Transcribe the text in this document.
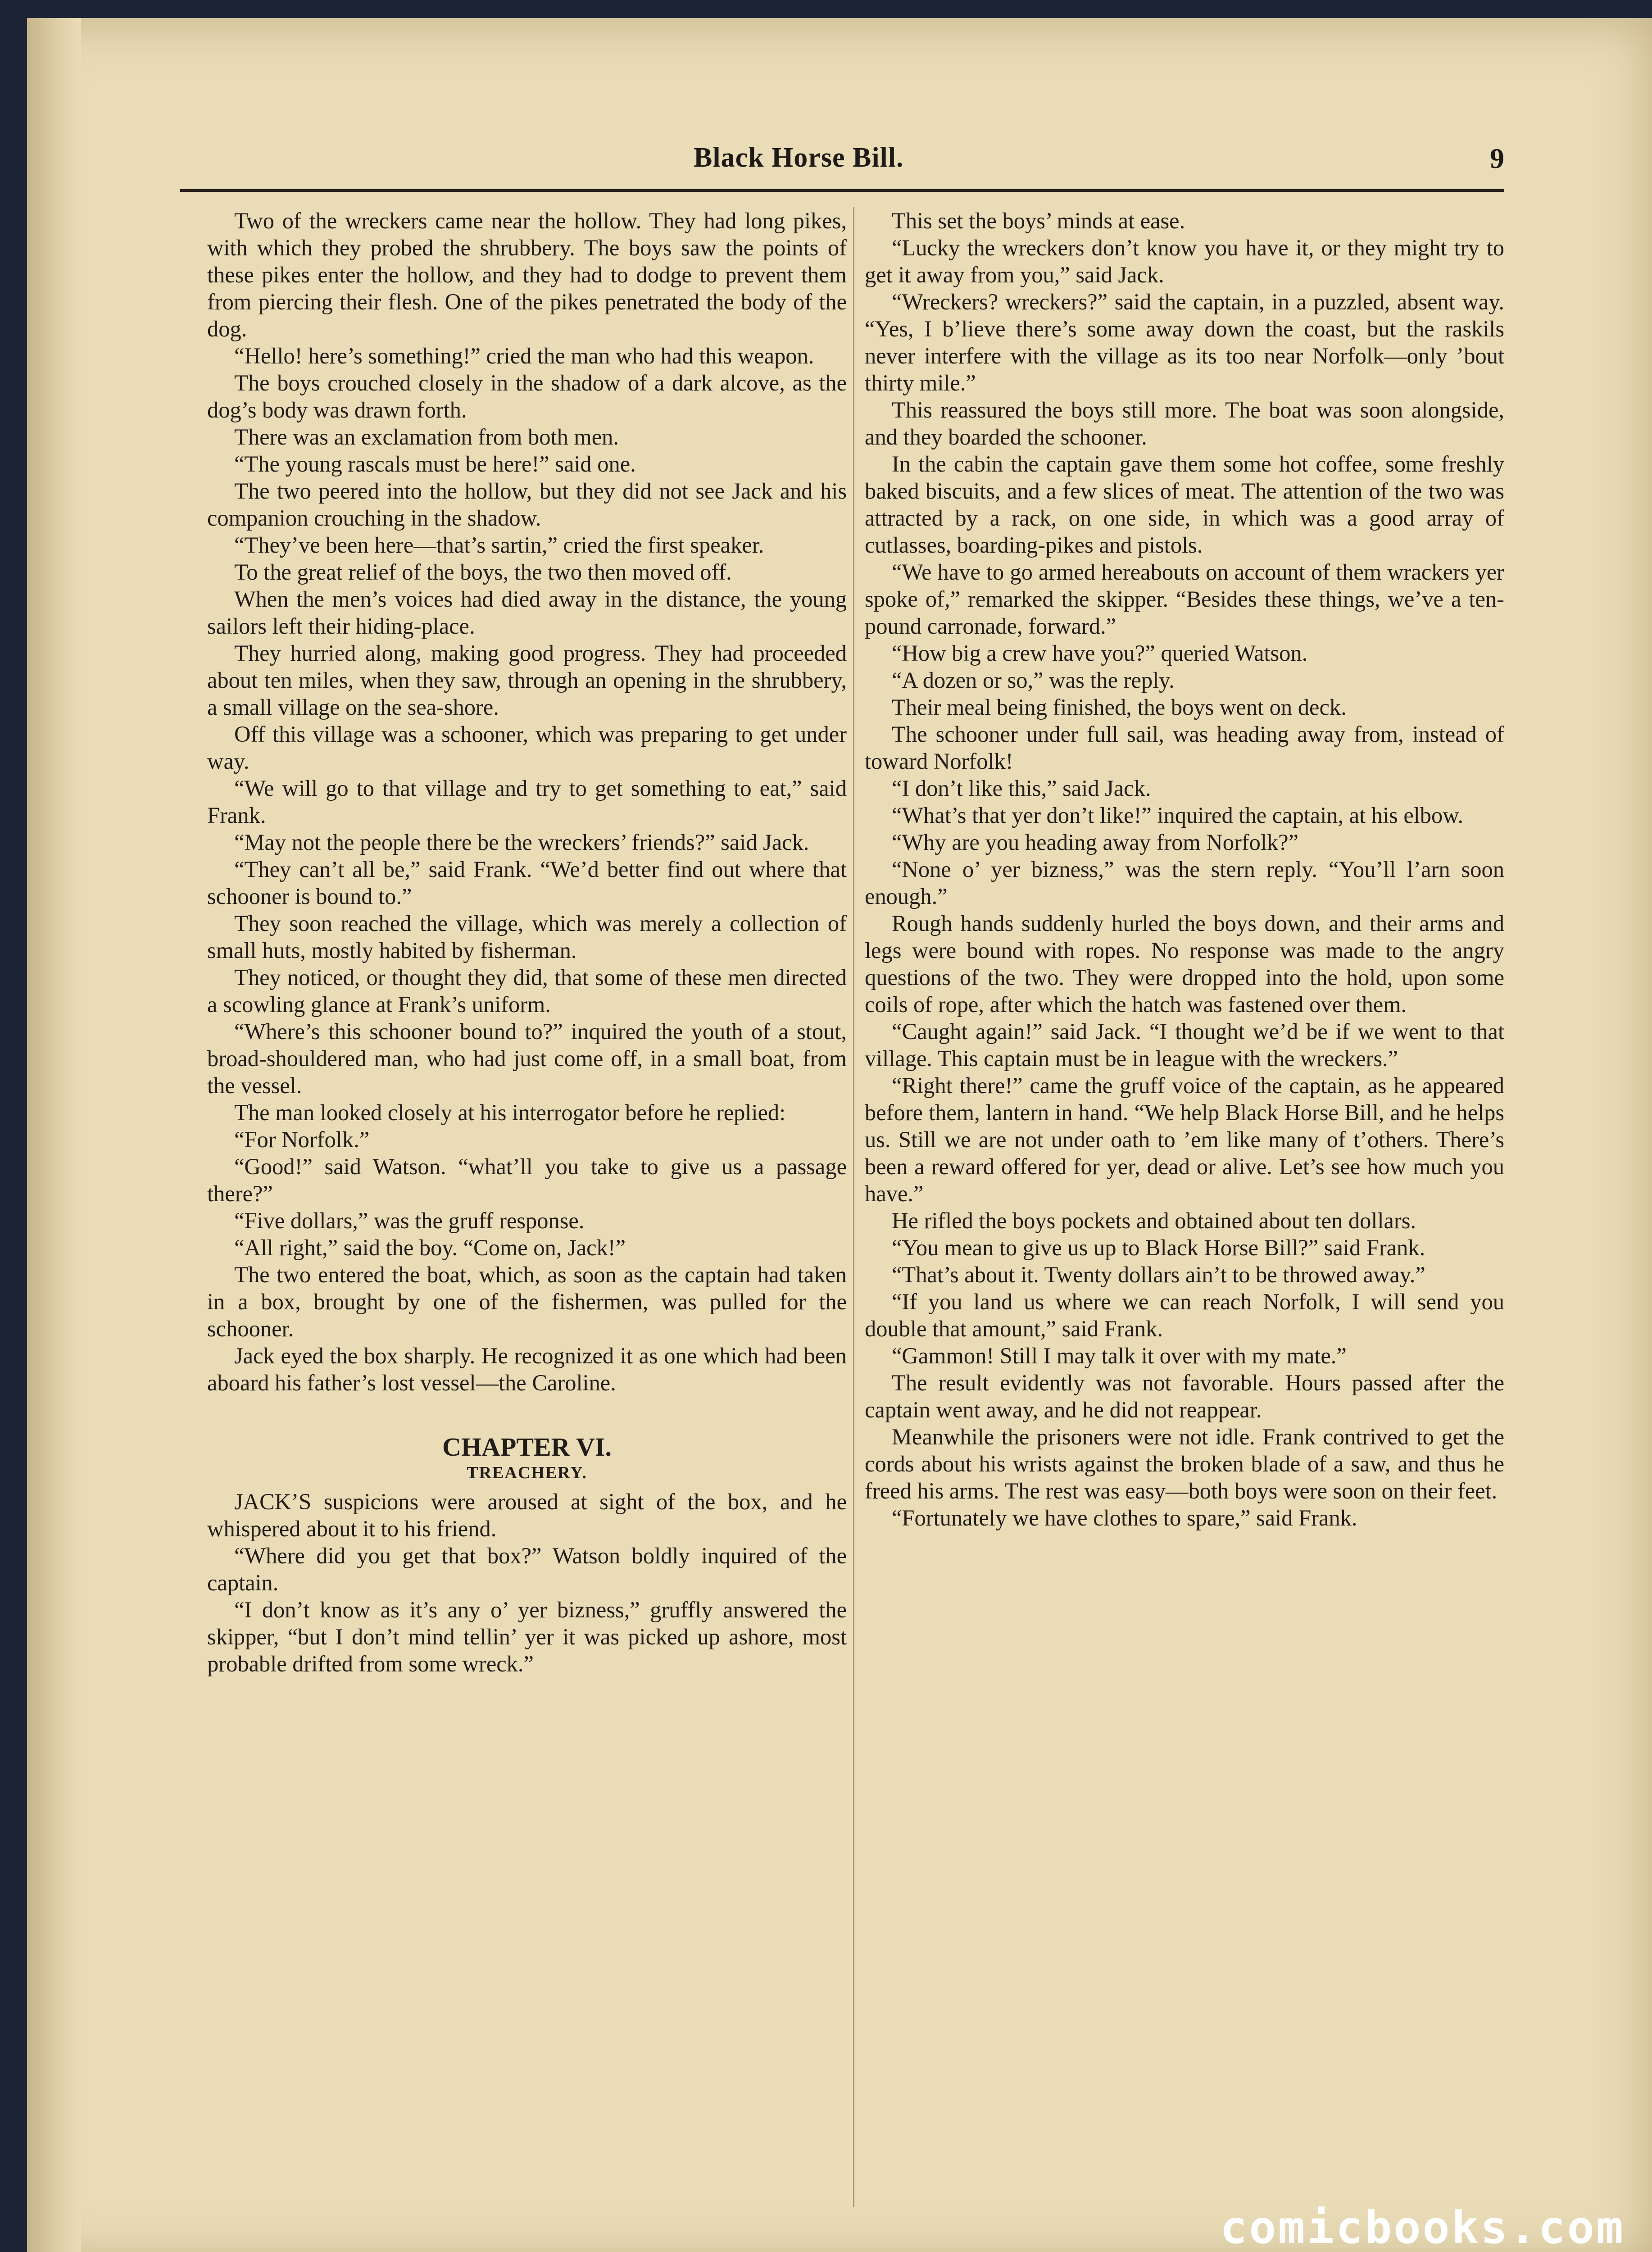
Black Horse Bill.	9

Two of the wreckers came near the hollow. They had long pikes, with which they probed the shrubbery. The boys saw the points of these pikes enter the hollow, and they had to dodge to prevent them from piercing their flesh. One of the pikes penetrated the body of the dog.

“Hello! here’s something!” cried the man who had this weapon.

The boys crouched closely in the shadow of a dark alcove, as the dog’s body was drawn forth.

There was an exclamation from both men.

“The young rascals must be here!” said one.

The two peered into the hollow, but they did not see Jack and his companion crouching in the shadow.

“They’ve been here—that’s sartin,” cried the first speaker.

To the great relief of the boys, the two then moved off.

When the men’s voices had died away in the distance, the young sailors left their hiding-place.

They hurried along, making good progress. They had proceeded about ten miles, when they saw, through an opening in the shrubbery, a small village on the sea-shore.

Off this village was a schooner, which was preparing to get under way.

“We will go to that village and try to get something to eat,” said Frank.

“May not the people there be the wreckers’ friends?” said Jack.

“They can’t all be,” said Frank. “We’d better find out where that schooner is bound to.”

They soon reached the village, which was merely a collection of small huts, mostly habited by fisherman.

They noticed, or thought they did, that some of these men directed a scowling glance at Frank’s uniform.

“Where’s this schooner bound to?” inquired the youth of a stout, broad-shouldered man, who had just come off, in a small boat, from the vessel.

The man looked closely at his interrogator before he replied:

“For Norfolk.”

“Good!” said Watson. “what’ll you take to give us a passage there?”

“Five dollars,” was the gruff response.

“All right,” said the boy. “Come on, Jack!”

The two entered the boat, which, as soon as the captain had taken in a box, brought by one of the fishermen, was pulled for the schooner.

Jack eyed the box sharply. He recognized it as one which had been aboard his father’s lost vessel—the Caroline.

CHAPTER VI.
TREACHERY.

JACK’S suspicions were aroused at sight of the box, and he whispered about it to his friend.

“Where did you get that box?” Watson boldly inquired of the captain.

“I don’t know as it’s any o’ yer bizness,” gruffly answered the skipper, “but I don’t mind tellin’ yer it was picked up ashore, most probable drifted from some wreck.”

This set the boys’ minds at ease.

“Lucky the wreckers don’t know you have it, or they might try to get it away from you,” said Jack.

“Wreckers? wreckers?” said the captain, in a puzzled, absent way. “Yes, I b’lieve there’s some away down the coast, but the raskils never interfere with the village as its too near Norfolk—only ’bout thirty mile.”

This reassured the boys still more. The boat was soon alongside, and they boarded the schooner.

In the cabin the captain gave them some hot coffee, some freshly baked biscuits, and a few slices of meat. The attention of the two was attracted by a rack, on one side, in which was a good array of cutlasses, boarding-pikes and pistols.

“We have to go armed hereabouts on account of them wrackers yer spoke of,” remarked the skipper. “Besides these things, we’ve a ten-pound carronade, forward.”

“How big a crew have you?” queried Watson.

“A dozen or so,” was the reply.

Their meal being finished, the boys went on deck.

The schooner under full sail, was heading away from, instead of toward Norfolk!

“I don’t like this,” said Jack.

“What’s that yer don’t like!” inquired the captain, at his elbow.

“Why are you heading away from Norfolk?”

“None o’ yer bizness,” was the stern reply. “You’ll l’arn soon enough.”

Rough hands suddenly hurled the boys down, and their arms and legs were bound with ropes. No response was made to the angry questions of the two. They were dropped into the hold, upon some coils of rope, after which the hatch was fastened over them.

“Caught again!” said Jack. “I thought we’d be if we went to that village. This captain must be in league with the wreckers.”

“Right there!” came the gruff voice of the captain, as he appeared before them, lantern in hand. “We help Black Horse Bill, and he helps us. Still we are not under oath to ’em like many of t’others. There’s been a reward offered for yer, dead or alive. Let’s see how much you have.”

He rifled the boys pockets and obtained about ten dollars.

“You mean to give us up to Black Horse Bill?” said Frank.

“That’s about it. Twenty dollars ain’t to be throwed away.”

“If you land us where we can reach Norfolk, I will send you double that amount,” said Frank.

“Gammon! Still I may talk it over with my mate.”

The result evidently was not favorable. Hours passed after the captain went away, and he did not reappear.

Meanwhile the prisoners were not idle. Frank contrived to get the cords about his wrists against the broken blade of a saw, and thus he freed his arms. The rest was easy—both boys were soon on their feet.

“Fortunately we have clothes to spare,” said Frank.

comicbooks.com
